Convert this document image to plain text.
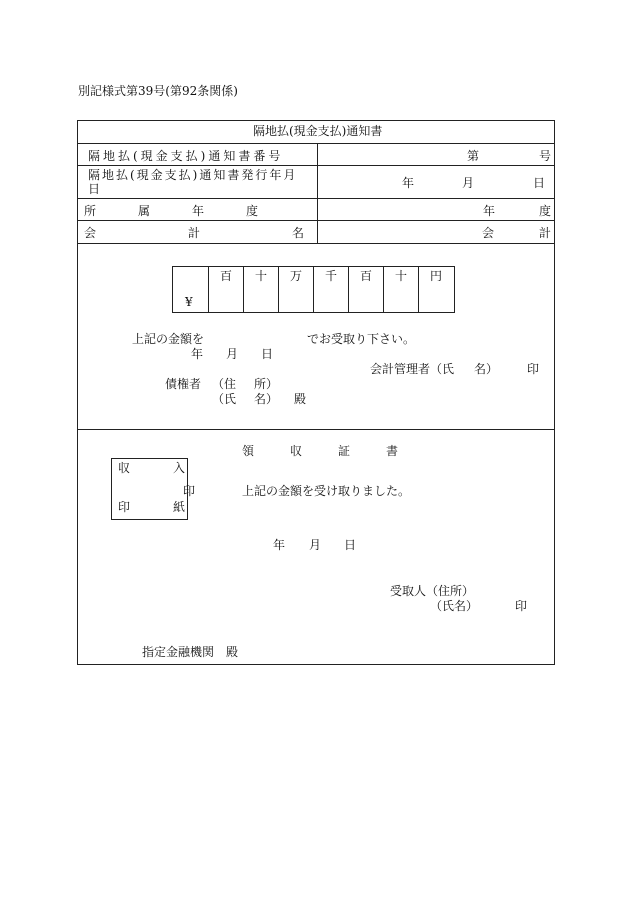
別記様式第39号(第92条関係)
隔地払(現金支払)通知書
隔地払(現金支払)通知書番号	第	号
隔地払(現金支払)通知書発行年月日	年	月	日
所属年度	年	度
会計名	会	計
¥
百	十	万	千	百	十	円
上記の金額を	でお受取り下さい。
年 月 日
会計管理者（氏 名） 印
債権者 （住 所）
（氏 名） 殿
領	収	証	書
収	入
印
印	紙
上記の金額を受け取りました。
年 月 日
受取人（住所）
（氏名）	印
指定金融機関 殿
